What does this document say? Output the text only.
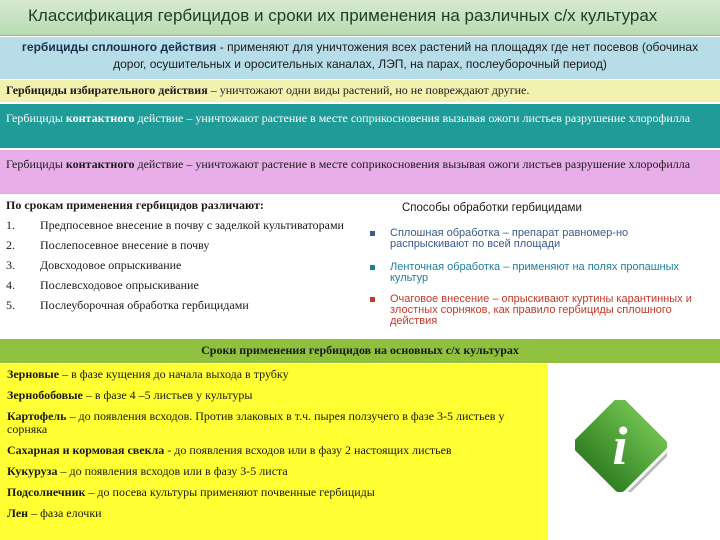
Классификация гербицидов и сроки их применения на различных с/х культурах
гербициды сплошного действия - применяют для уничтожения всех растений на площадях где нет посевов (обочинах дорог, осушительных и оросительных каналах, ЛЭП, на парах, послеуборочный период)
Гербициды избирательного действия – уничтожают одни виды растений, но не повреждают другие.
Гербициды контактного действие – уничтожают растение в месте соприкосновения вызывая ожоги листьев разрушение хлорофилла
Гербициды контактного действие – уничтожают растение в месте соприкосновения вызывая ожоги листьев разрушение хлорофилла
По срокам применения гербицидов различают:
1.	Предпосевное внесение в почву с заделкой культиваторами
2.	Послепосевное внесение в почву
3.	Довсходовое опрыскивание
4.	Послевсходовое опрыскивание
5.	Послеуборочная обработка гербицидами
Способы обработки гербицидами
Сплошная обработка – препарат равномер-но распрыскивают по всей площади
Ленточная обработка – применяют на полях пропашных культур
Очаговое внесение – опрыскивают куртины карантинных и злостных сорняков, как правило гербициды сплошного действия
Сроки применения гербицидов на основных с/х культурах
Зерновые – в фазе кущения до начала выхода в трубку
Зернобобовые – в фазе 4 –5 листьев у культуры
Картофель – до появления всходов. Против злаковых в т.ч. пырея ползучего в фазе 3-5 листьев у сорняка
Сахарная и кормовая свекла - до появления всходов или в фазу 2 настоящих листьев
Кукуруза – до появления всходов или в фазу 3-5 листа
Подсолнечник – до посева культуры применяют почвенные гербициды
Лен – фаза елочки
i
